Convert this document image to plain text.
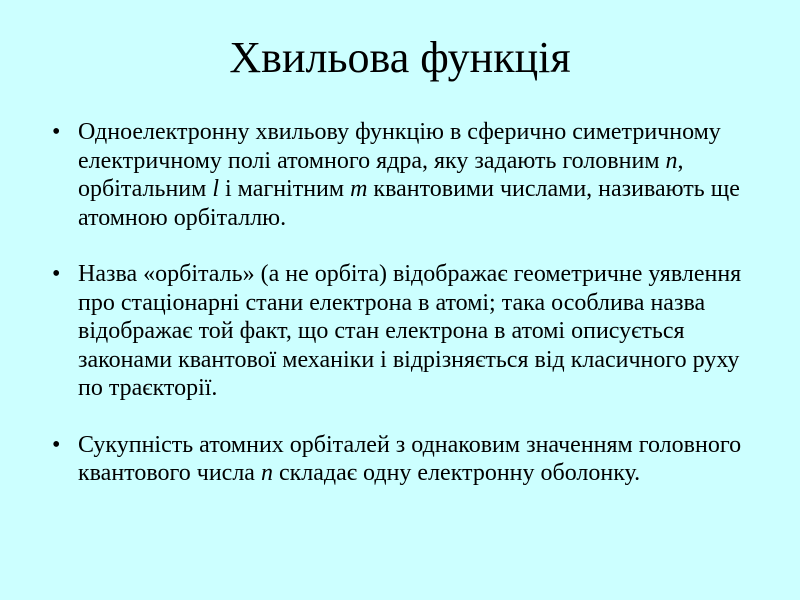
Хвильова функція
• Одноелектронну хвильову функцію в сферично симетричному електричному полі атомного ядра, яку задають головним n, орбітальним l і магнітним m квантовими числами, називають ще атомною орбіталлю.
• Назва «орбіталь» (а не орбіта) відображає геометричне уявлення про стаціонарні стани електрона в атомі; така особлива назва відображає той факт, що стан електрона в атомі описується законами квантової механіки і відрізняється від класичного руху по траєкторії.
• Сукупність атомних орбіталей з однаковим значенням головного квантового числа n складає одну електронну оболонку.
